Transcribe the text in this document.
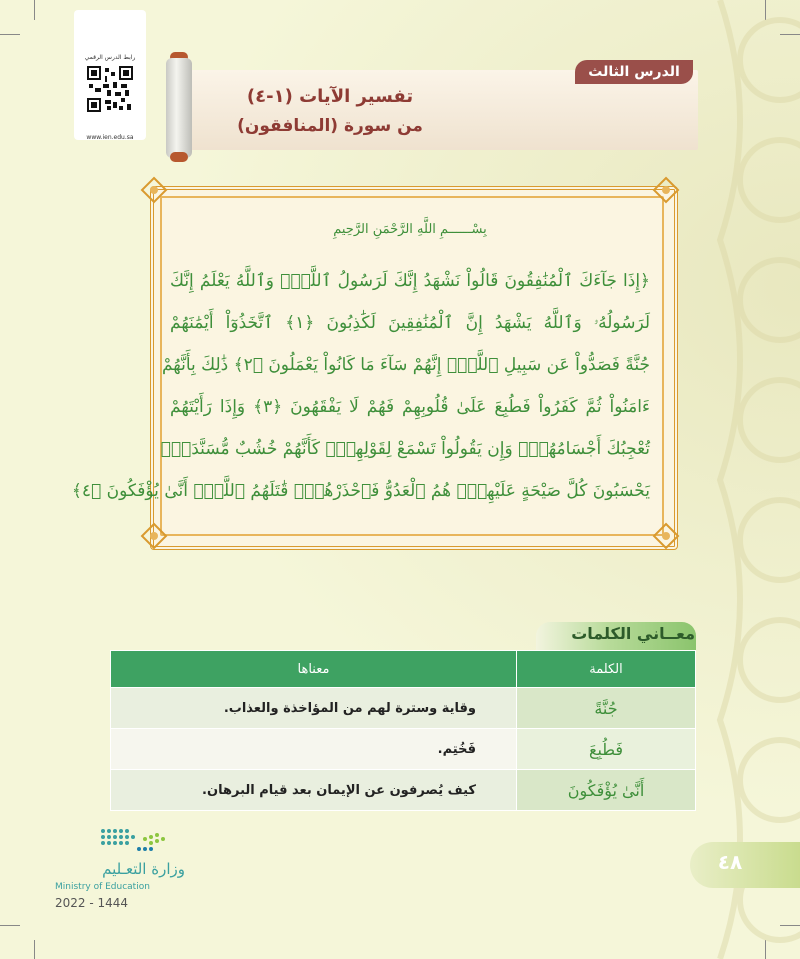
رابط الدرس الرقمي
www.ien.edu.sa
الدرس الثالث
تفسير الآيات (١-٤)
من سورة (المنافقون)
بِسْــــــمِ اللَّهِ الرَّحْمَنِ الرَّحِيمِ
﴿إِذَا جَآءَكَ ٱلْمُنَٰفِقُونَ قَالُواْ نَشْهَدُ إِنَّكَ لَرَسُولُ ٱللَّهِۗ وَٱللَّهُ يَعْلَمُ إِنَّكَ
لَرَسُولُهُۥ وَٱللَّهُ يَشْهَدُ إِنَّ ٱلْمُنَٰفِقِينَ لَكَٰذِبُونَ ﴿١﴾ ٱتَّخَذُوٓاْ أَيْمَٰنَهُمْ
جُنَّةً فَصَدُّواْ عَن سَبِيلِ ٱللَّهِۚ إِنَّهُمْ سَآءَ مَا كَانُواْ يَعْمَلُونَ ﴿٢﴾ ذَٰلِكَ بِأَنَّهُمْ
ءَامَنُواْ ثُمَّ كَفَرُواْ فَطُبِعَ عَلَىٰ قُلُوبِهِمْ فَهُمْ لَا يَفْقَهُونَ ﴿٣﴾ وَإِذَا رَأَيْتَهُمْ
تُعْجِبُكَ أَجْسَامُهُمْۖ وَإِن يَقُولُواْ تَسْمَعْ لِقَوْلِهِمْۖ كَأَنَّهُمْ خُشُبٌ مُّسَنَّدَةٌۖ
يَحْسَبُونَ كُلَّ صَيْحَةٍ عَلَيْهِمْۚ هُمُ ٱلْعَدُوُّ فَٱحْذَرْهُمْۚ قَٰتَلَهُمُ ٱللَّهُۖ أَنَّىٰ يُؤْفَكُونَ ﴿٤﴾
معــاني الكلمات
الكلمة	معناها
جُنَّةً	وقاية وسترة لهم من المؤاخذة والعذاب.
فَطُبِعَ	فَخُتِم.
أَنَّىٰ يُؤْفَكُونَ	كيف يُصرفون عن الإيمان بعد قيام البرهان.
وزارة التعـليم
Ministry of Education
2022 - 1444
٤٨
